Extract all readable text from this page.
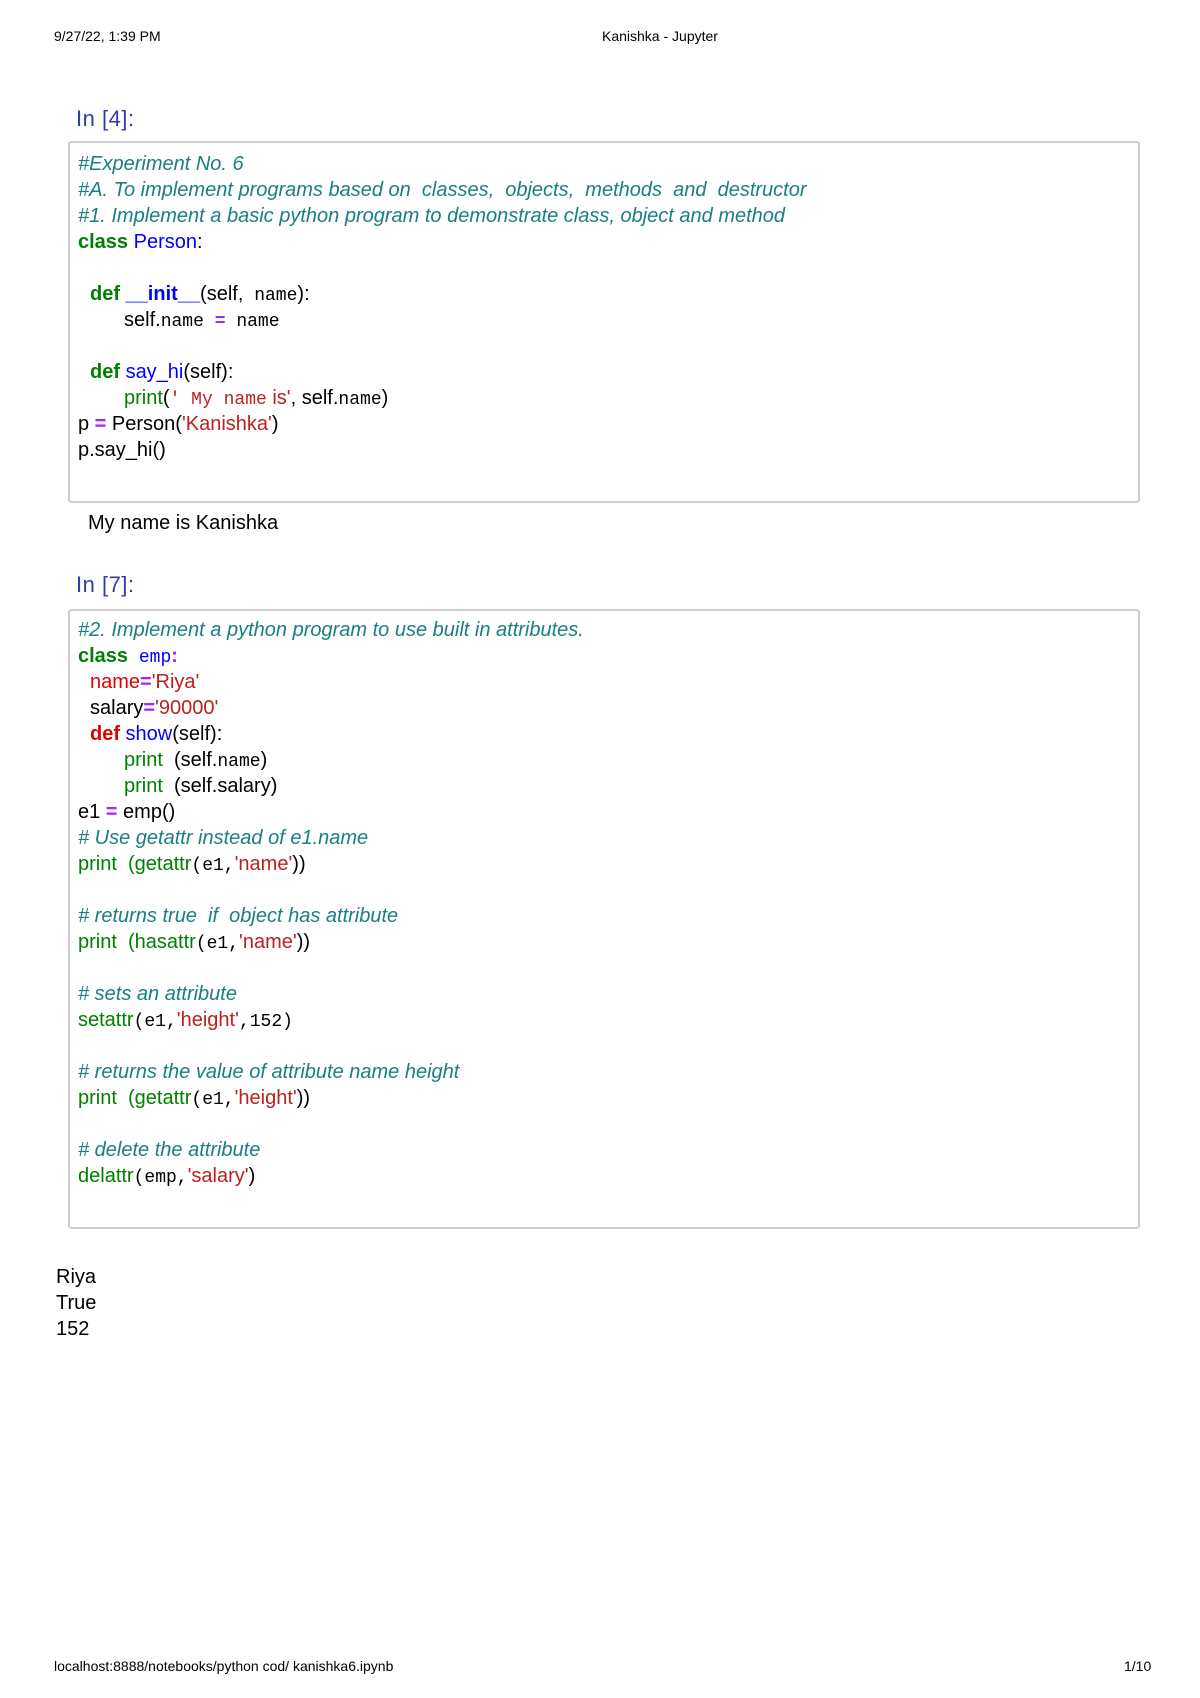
9/27/22, 1:39 PM	Kanishka - Jupyter
In [4]:
#Experiment No. 6
#A. To implement programs based on  classes,  objects,  methods  and  destructor
#1. Implement a basic python program to demonstrate class, object and method
class Person:
def __init__(self, name):
self.name = name
def say_hi(self):
print(' My name is', self.name)
p = Person('Kanishka')
p.say_hi()
My name is Kanishka
In [7]:
#2. Implement a python program to use built in attributes.
class emp:
name='Riya'
salary='90000'
def show(self):
print  (self.name)
print  (self.salary)
e1 = emp()
# Use getattr instead of e1.name
print  (getattr(e1,'name'))
# returns true  if  object has attribute
print  (hasattr(e1,'name'))
# sets an attribute
setattr(e1,'height',152)
# returns the value of attribute name height
print  (getattr(e1,'height'))
# delete the attribute
delattr(emp,'salary')
Riya
True
152
localhost:8888/notebooks/python cod/ kanishka6.ipynb	1/10
